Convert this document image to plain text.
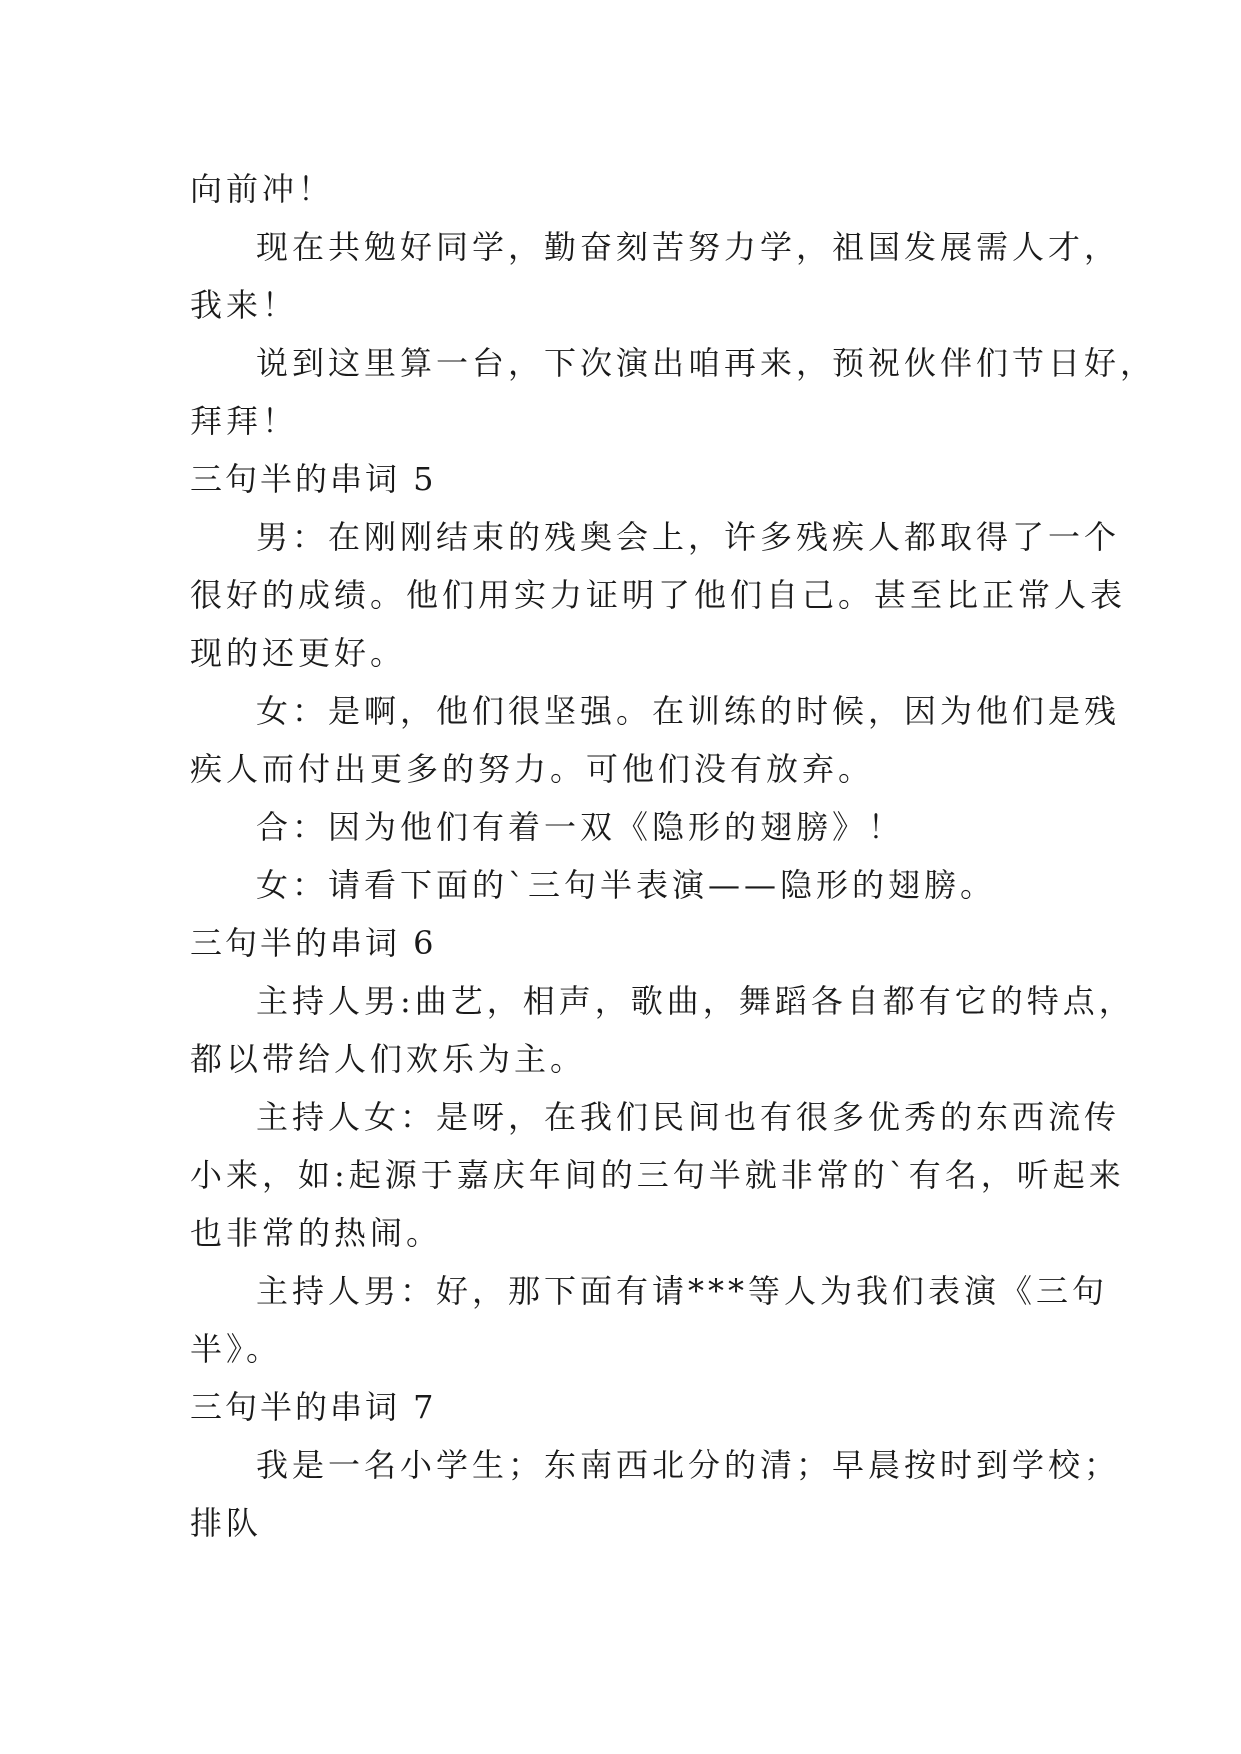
向前冲！
现在共勉好同学，勤奋刻苦努力学，祖国发展需人才，
我来！
说到这里算一台，下次演出咱再来，预祝伙伴们节日好，
拜拜！
三句半的串词 5
男：在刚刚结束的残奥会上，许多残疾人都取得了一个
很好的成绩。他们用实力证明了他们自己。甚至比正常人表
现的还更好。
女：是啊，他们很坚强。在训练的时候，因为他们是残
疾人而付出更多的努力。可他们没有放弃。
合：因为他们有着一双《隐形的翅膀》！
女：请看下面的`三句半表演——隐形的翅膀。
三句半的串词 6
主持人男:曲艺，相声，歌曲，舞蹈各自都有它的特点，
都以带给人们欢乐为主。
主持人女：是呀，在我们民间也有很多优秀的东西流传
小来，如:起源于嘉庆年间的三句半就非常的`有名，听起来
也非常的热闹。
主持人男：好，那下面有请***等人为我们表演《三句
半》。
三句半的串词 7
我是一名小学生；东南西北分的清；早晨按时到学校；
排队
